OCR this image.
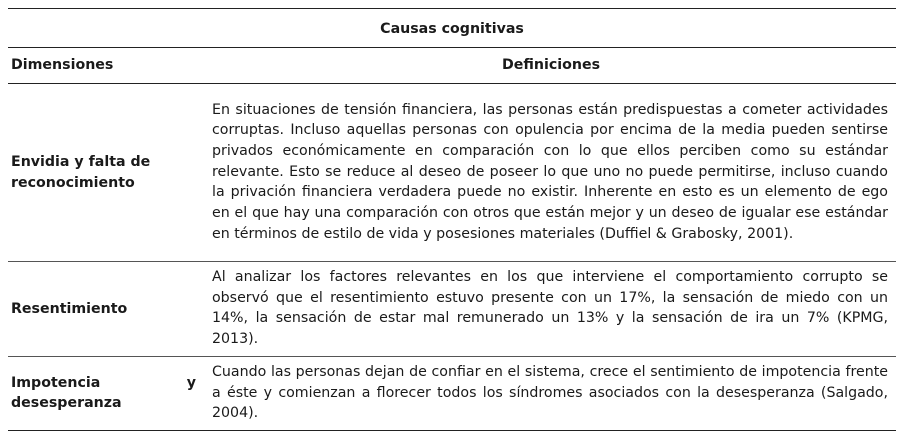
Causas cognitivas	
Dimensiones	Definiciones
Envidia y falta de reconocimiento	En situaciones de tensión financiera, las personas están predispuestas a cometer actividades corruptas. Incluso aquellas personas con opulencia por encima de la media pueden sentirse privados económicamente en comparación con lo que ellos perciben como su estándar relevante. Esto se reduce al deseo de poseer lo que uno no puede permitirse, incluso cuando la privación financiera verdadera puede no existir. Inherente en esto es un elemento de ego en el que hay una comparación con otros que están mejor y un deseo de igualar ese estándar en términos de estilo de vida y posesiones materiales (Duffiel & Grabosky, 2001).
Resentimiento	Al analizar los factores relevantes en los que interviene el comportamiento corrupto se observó que el resentimiento estuvo presente con un 17%, la sensación de miedo con un 14%, la sensación de estar mal remunerado un 13% y la sensación de ira un 7% (KPMG, 2013).
Impotencia y desesperanza	Cuando las personas dejan de confiar en el sistema, crece el sentimiento de impotencia frente a éste y comienzan a florecer todos los síndromes asociados con la desesperanza (Salgado, 2004).
